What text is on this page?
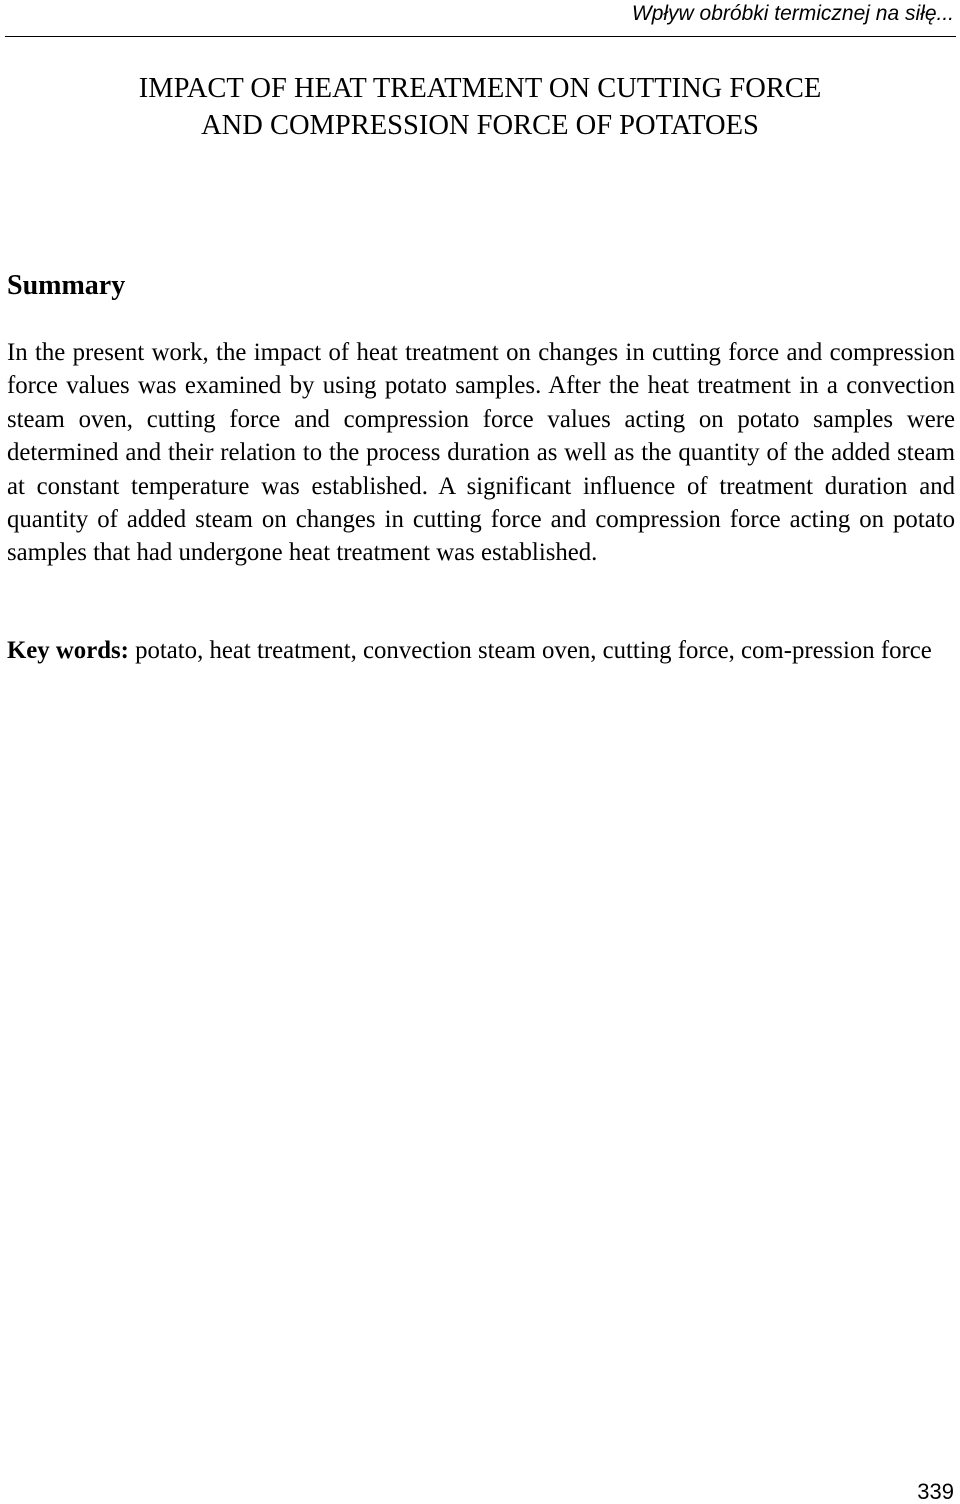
Wpływ obróbki termicznej na siłę...
IMPACT OF HEAT TREATMENT ON CUTTING FORCE
AND COMPRESSION FORCE OF POTATOES
Summary

In the present work, the impact of heat treatment on changes in cutting force and compression force values was examined by using potato samples. After the heat treatment in a convection steam oven, cutting force and compression force values acting on potato samples were determined and their relation to the process duration as well as the quantity of the added steam at constant temperature was established. A significant influence of treatment duration and quantity of added steam on changes in cutting force and compression force acting on potato samples that had undergone heat treatment was established.

Key words: potato, heat treatment, convection steam oven, cutting force, com-pression force

339
